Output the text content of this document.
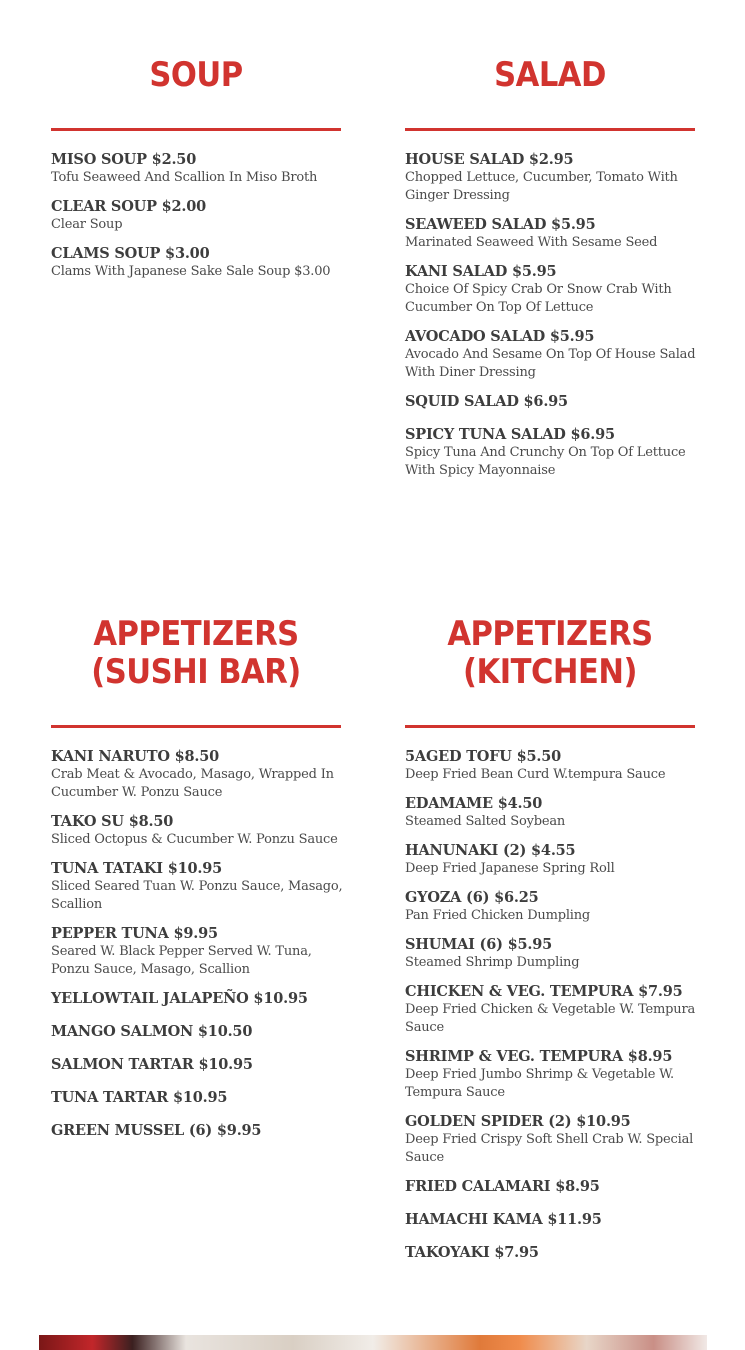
SOUP
MISO SOUP $2.50
Tofu Seaweed And Scallion In Miso Broth
CLEAR SOUP $2.00
Clear Soup
CLAMS SOUP $3.00
Clams With Japanese Sake Sale Soup $3.00
SALAD
HOUSE SALAD $2.95
Chopped Lettuce, Cucumber, Tomato With Ginger Dressing
SEAWEED SALAD $5.95
Marinated Seaweed With Sesame Seed
KANI SALAD $5.95
Choice Of Spicy Crab Or Snow Crab With Cucumber On Top Of Lettuce
AVOCADO SALAD $5.95
Avocado And Sesame On Top Of House Salad With Diner Dressing
SQUID SALAD $6.95
SPICY TUNA SALAD $6.95
Spicy Tuna And Crunchy On Top Of Lettuce With Spicy Mayonnaise
APPETIZERS
(SUSHI BAR)
KANI NARUTO $8.50
Crab Meat & Avocado, Masago, Wrapped In Cucumber W. Ponzu Sauce
TAKO SU $8.50
Sliced Octopus & Cucumber W. Ponzu Sauce
TUNA TATAKI $10.95
Sliced Seared Tuan W. Ponzu Sauce, Masago, Scallion
PEPPER TUNA $9.95
Seared W. Black Pepper Served W. Tuna, Ponzu Sauce, Masago, Scallion
YELLOWTAIL JALAPEÑO $10.95
MANGO SALMON $10.50
SALMON TARTAR $10.95
TUNA TARTAR $10.95
GREEN MUSSEL (6) $9.95
APPETIZERS
(KITCHEN)
5AGED TOFU $5.50
Deep Fried Bean Curd W.tempura Sauce
EDAMAME $4.50
Steamed Salted Soybean
HANUNAKI (2) $4.55
Deep Fried Japanese Spring Roll
GYOZA (6) $6.25
Pan Fried Chicken Dumpling
SHUMAI (6) $5.95
Steamed Shrimp Dumpling
CHICKEN & VEG. TEMPURA $7.95
Deep Fried Chicken & Vegetable W. Tempura Sauce
SHRIMP & VEG. TEMPURA $8.95
Deep Fried Jumbo Shrimp & Vegetable W. Tempura Sauce
GOLDEN SPIDER (2) $10.95
Deep Fried Crispy Soft Shell Crab W. Special Sauce
FRIED CALAMARI $8.95
HAMACHI KAMA $11.95
TAKOYAKI $7.95
